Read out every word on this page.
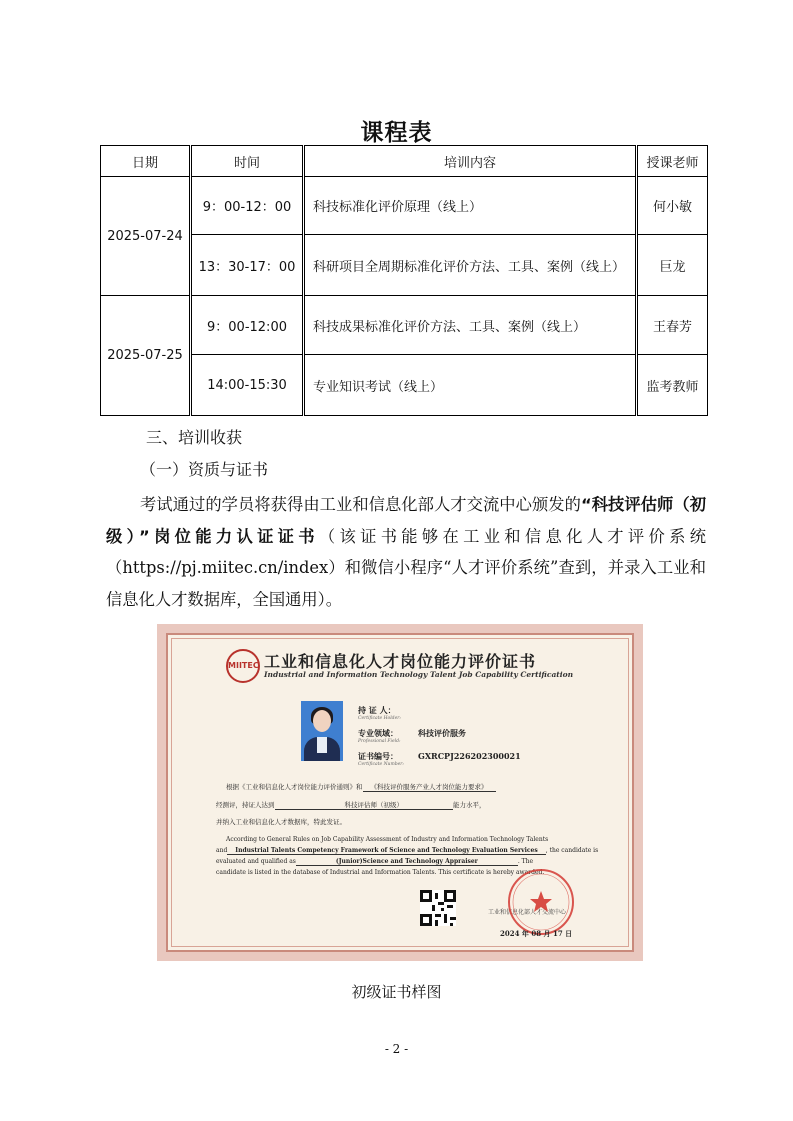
课程表
日期	时间	培训内容	授课老师
2025-07-24	9：00-12：00	科技标准化评价原理（线上）	何小敏
	13：30-17：00	科研项目全周期标准化评价方法、工具、案例（线上）	巨龙
2025-07-25	9：00-12:00	科技成果标准化评价方法、工具、案例（线上）	王春芳
	14:00-15:30	专业知识考试（线上）	监考教师
三、培训收获
（一）资质与证书
考试通过的学员将获得由工业和信息化部人才交流中心颁发的“科技评估师（初级）”岗位能力认证证书（该证书能够在工业和信息化人才评价系统（https://pj.miitec.cn/index）和微信小程序“人才评价系统”查到，并录入工业和信息化人才数据库，全国通用）。
MIITEC 工业和信息化人才岗位能力评价证书
Industrial and Information Technology Talent Job Capability Certification
持 证 人：
Certificate Holder:
专业领域：	科技评价服务
Professional Field:
证书编号：	GXRCPJ226202300021
Certificate Number:
根据《工业和信息化人才岗位能力评价通则》和 《科技评价服务产业人才岗位能力要求》
经测评，持证人达到	科技评估师（初级）	能力水平，
并纳入工业和信息化人才数据库，特此发证。
According to General Rules on Job Capability Assessment of Industry and Information Technology Talents
and Industrial Talents Competency Framework of Science and Technology Evaluation Services , the candidate is
evaluated and qualified as	(Junior)Science and Technology Appraiser	. The
candidate is listed in the database of Industrial and Information Talents. This certificate is hereby awarded.
工业和信息化部人才交流中心
2024 年 08 月 17 日
初级证书样图
- 2 -
